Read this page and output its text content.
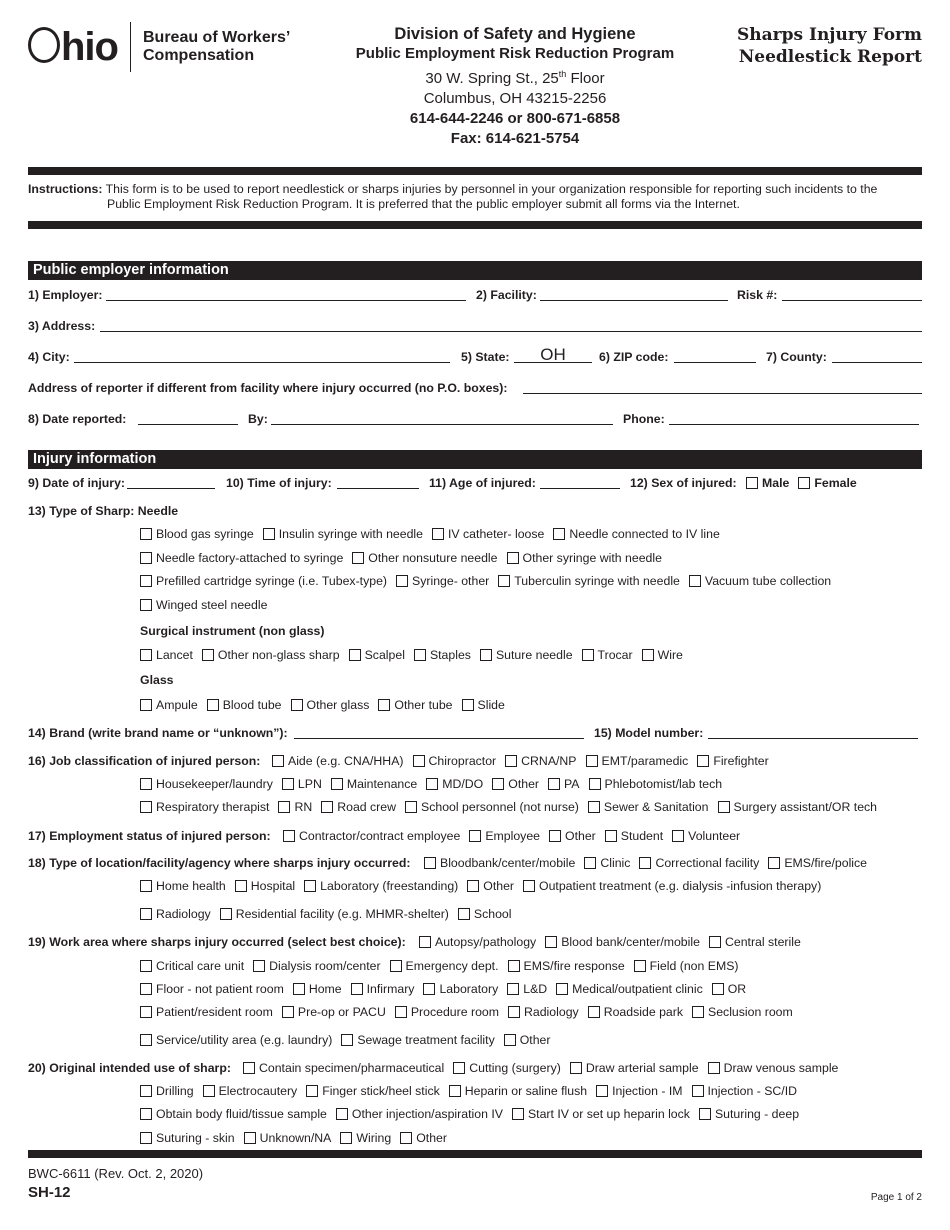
hio Bureau of Workers’
Compensation
Division of Safety and Hygiene
Public Employment Risk Reduction Program
30 W. Spring St., 25th Floor
Columbus, OH 43215-2256
614-644-2246 or 800-671-6858
Fax: 614-621-5754
Sharps Injury Form
Needlestick Report
Instructions: This form is to be used to report needlestick or sharps injuries by personnel in your organization responsible for reporting such incidents to the
Public Employment Risk Reduction Program. It is preferred that the public employer submit all forms via the Internet.
Public employer information
1) Employer:	2) Facility:	Risk #:
3) Address:
4) City:	5) State:	OH	6) ZIP code:	7) County:
Address of reporter if different from facility where injury occurred (no P.O. boxes):
8) Date reported:	By:	Phone:
Injury information
9) Date of injury:	10) Time of injury:	11) Age of injured:	12) Sex of injured: Male Female
13) Type of Sharp: Needle
Blood gas syringe Insulin syringe with needle IV catheter- loose Needle connected to IV line
Needle factory-attached to syringe Other nonsuture needle Other syringe with needle
Prefilled cartridge syringe (i.e. Tubex-type) Syringe- other Tuberculin syringe with needle Vacuum tube collection
Winged steel needle
Surgical instrument (non glass)
Lancet Other non-glass sharp Scalpel Staples Suture needle Trocar Wire
Glass
Ampule Blood tube Other glass Other tube Slide
14) Brand (write brand name or “unknown”):	15) Model number:
16) Job classification of injured person: Aide (e.g. CNA/HHA) Chiropractor CRNA/NP EMT/paramedic Firefighter
Housekeeper/laundry LPN Maintenance MD/DO Other PA Phlebotomist/lab tech
Respiratory therapist RN Road crew School personnel (not nurse) Sewer & Sanitation Surgery assistant/OR tech
17) Employment status of injured person: Contractor/contract employee Employee Other Student Volunteer
18) Type of location/facility/agency where sharps injury occurred: Bloodbank/center/mobile Clinic Correctional facility EMS/fire/police
Home health Hospital Laboratory (freestanding) Other Outpatient treatment (e.g. dialysis -infusion therapy)
Radiology Residential facility (e.g. MHMR-shelter) School
19) Work area where sharps injury occurred (select best choice): Autopsy/pathology Blood bank/center/mobile Central sterile
Critical care unit Dialysis room/center Emergency dept. EMS/fire response Field (non EMS)
Floor - not patient room Home Infirmary Laboratory L&D Medical/outpatient clinic OR
Patient/resident room Pre-op or PACU Procedure room Radiology Roadside park Seclusion room
Service/utility area (e.g. laundry) Sewage treatment facility Other
20) Original intended use of sharp: Contain specimen/pharmaceutical Cutting (surgery) Draw arterial sample Draw venous sample
Drilling Electrocautery Finger stick/heel stick Heparin or saline flush Injection - IM Injection - SC/ID
Obtain body fluid/tissue sample Other injection/aspiration IV Start IV or set up heparin lock Suturing - deep
Suturing - skin Unknown/NA Wiring Other
BWC-6611 (Rev. Oct. 2, 2020)
SH-12	Page 1 of 2
